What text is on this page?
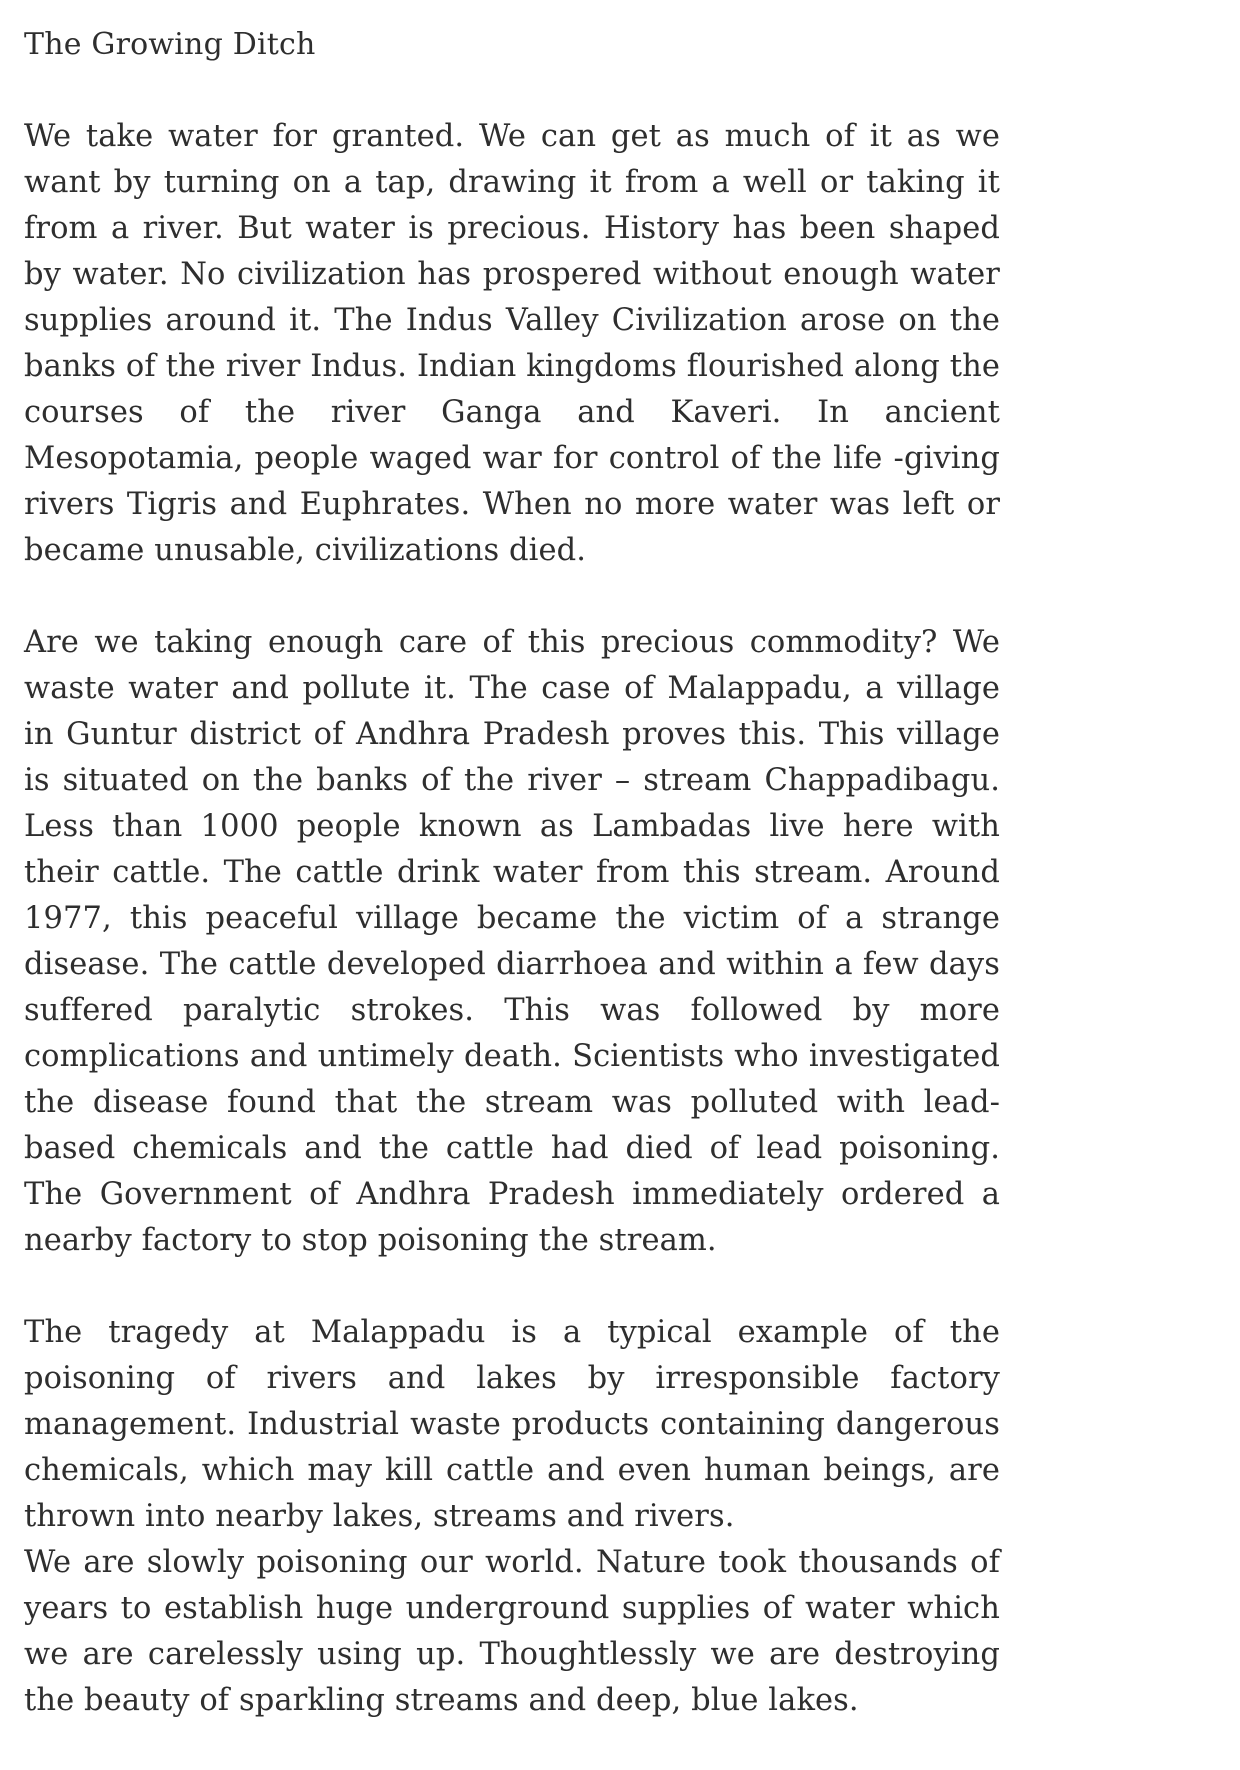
The Growing Ditch

We take water for granted. We can get as much of it as we want by turning on a tap, drawing it from a well or taking it from a river. But water is precious. History has been shaped by water. No civilization has prospered without enough water supplies around it. The Indus Valley Civilization arose on the banks of the river Indus. Indian kingdoms flourished along the courses of the river Ganga and Kaveri. In ancient Mesopotamia, people waged war for control of the life -giving rivers Tigris and Euphrates. When no more water was left or became unusable, civilizations died.

Are we taking enough care of this precious commodity? We waste water and pollute it. The case of Malappadu, a village in Guntur district of Andhra Pradesh proves this. This village is situated on the banks of the river – stream Chappadibagu. Less than 1000 people known as Lambadas live here with their cattle. The cattle drink water from this stream. Around 1977, this peaceful village became the victim of a strange disease. The cattle developed diarrhoea and within a few days suffered paralytic strokes. This was followed by more complications and untimely death. Scientists who investigated the disease found that the stream was polluted with lead-based chemicals and the cattle had died of lead poisoning. The Government of Andhra Pradesh immediately ordered a nearby factory to stop poisoning the stream.

The tragedy at Malappadu is a typical example of the poisoning of rivers and lakes by irresponsible factory management. Industrial waste products containing dangerous chemicals, which may kill cattle and even human beings, are thrown into nearby lakes, streams and rivers.

We are slowly poisoning our world. Nature took thousands of years to establish huge underground supplies of water which we are carelessly using up. Thoughtlessly we are destroying the beauty of sparkling streams and deep, blue lakes.
